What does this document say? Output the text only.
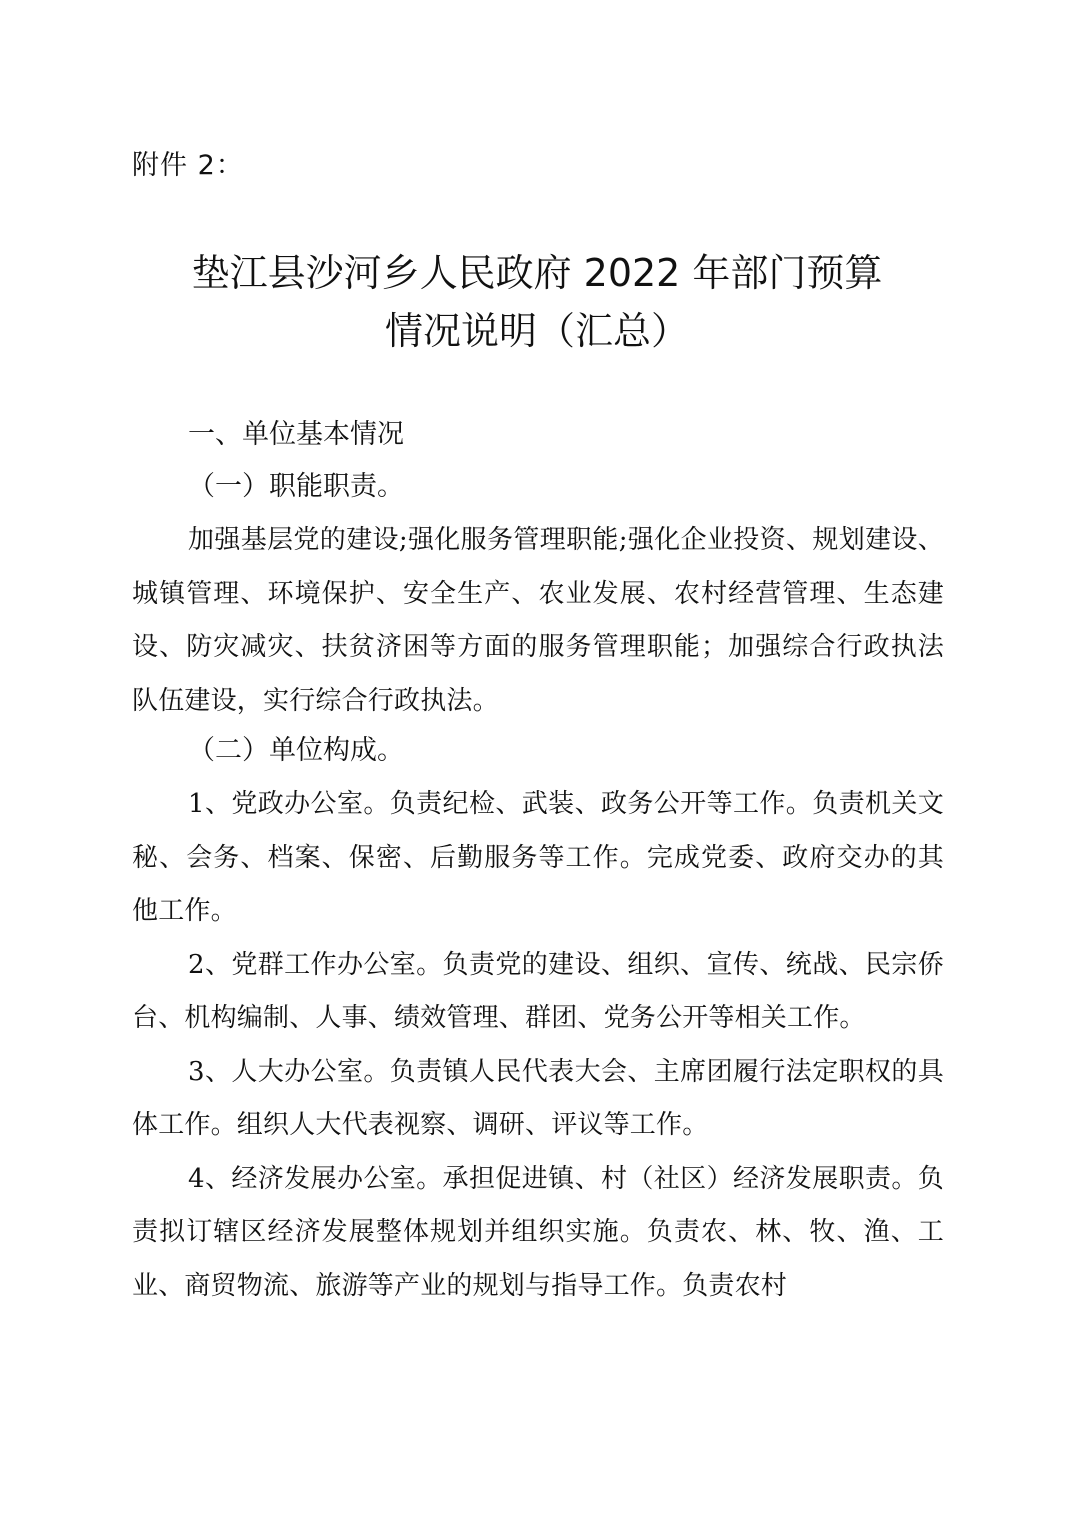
附件 2：
垫江县沙河乡人民政府 2022 年部门预算
情况说明（汇总）

一、单位基本情况

（一）职能职责。

加强基层党的建设;强化服务管理职能;强化企业投资、规划建设、城镇管理、环境保护、安全生产、农业发展、农村经营管理、生态建设、防灾减灾、扶贫济困等方面的服务管理职能；加强综合行政执法队伍建设，实行综合行政执法。

（二）单位构成。

1、党政办公室。负责纪检、武装、政务公开等工作。负责机关文秘、会务、档案、保密、后勤服务等工作。完成党委、政府交办的其他工作。

2、党群工作办公室。负责党的建设、组织、宣传、统战、民宗侨台、机构编制、人事、绩效管理、群团、党务公开等相关工作。

3、人大办公室。负责镇人民代表大会、主席团履行法定职权的具体工作。组织人大代表视察、调研、评议等工作。

4、经济发展办公室。承担促进镇、村（社区）经济发展职责。负责拟订辖区经济发展整体规划并组织实施。负责农、林、牧、渔、工业、商贸物流、旅游等产业的规划与指导工作。负责农村
